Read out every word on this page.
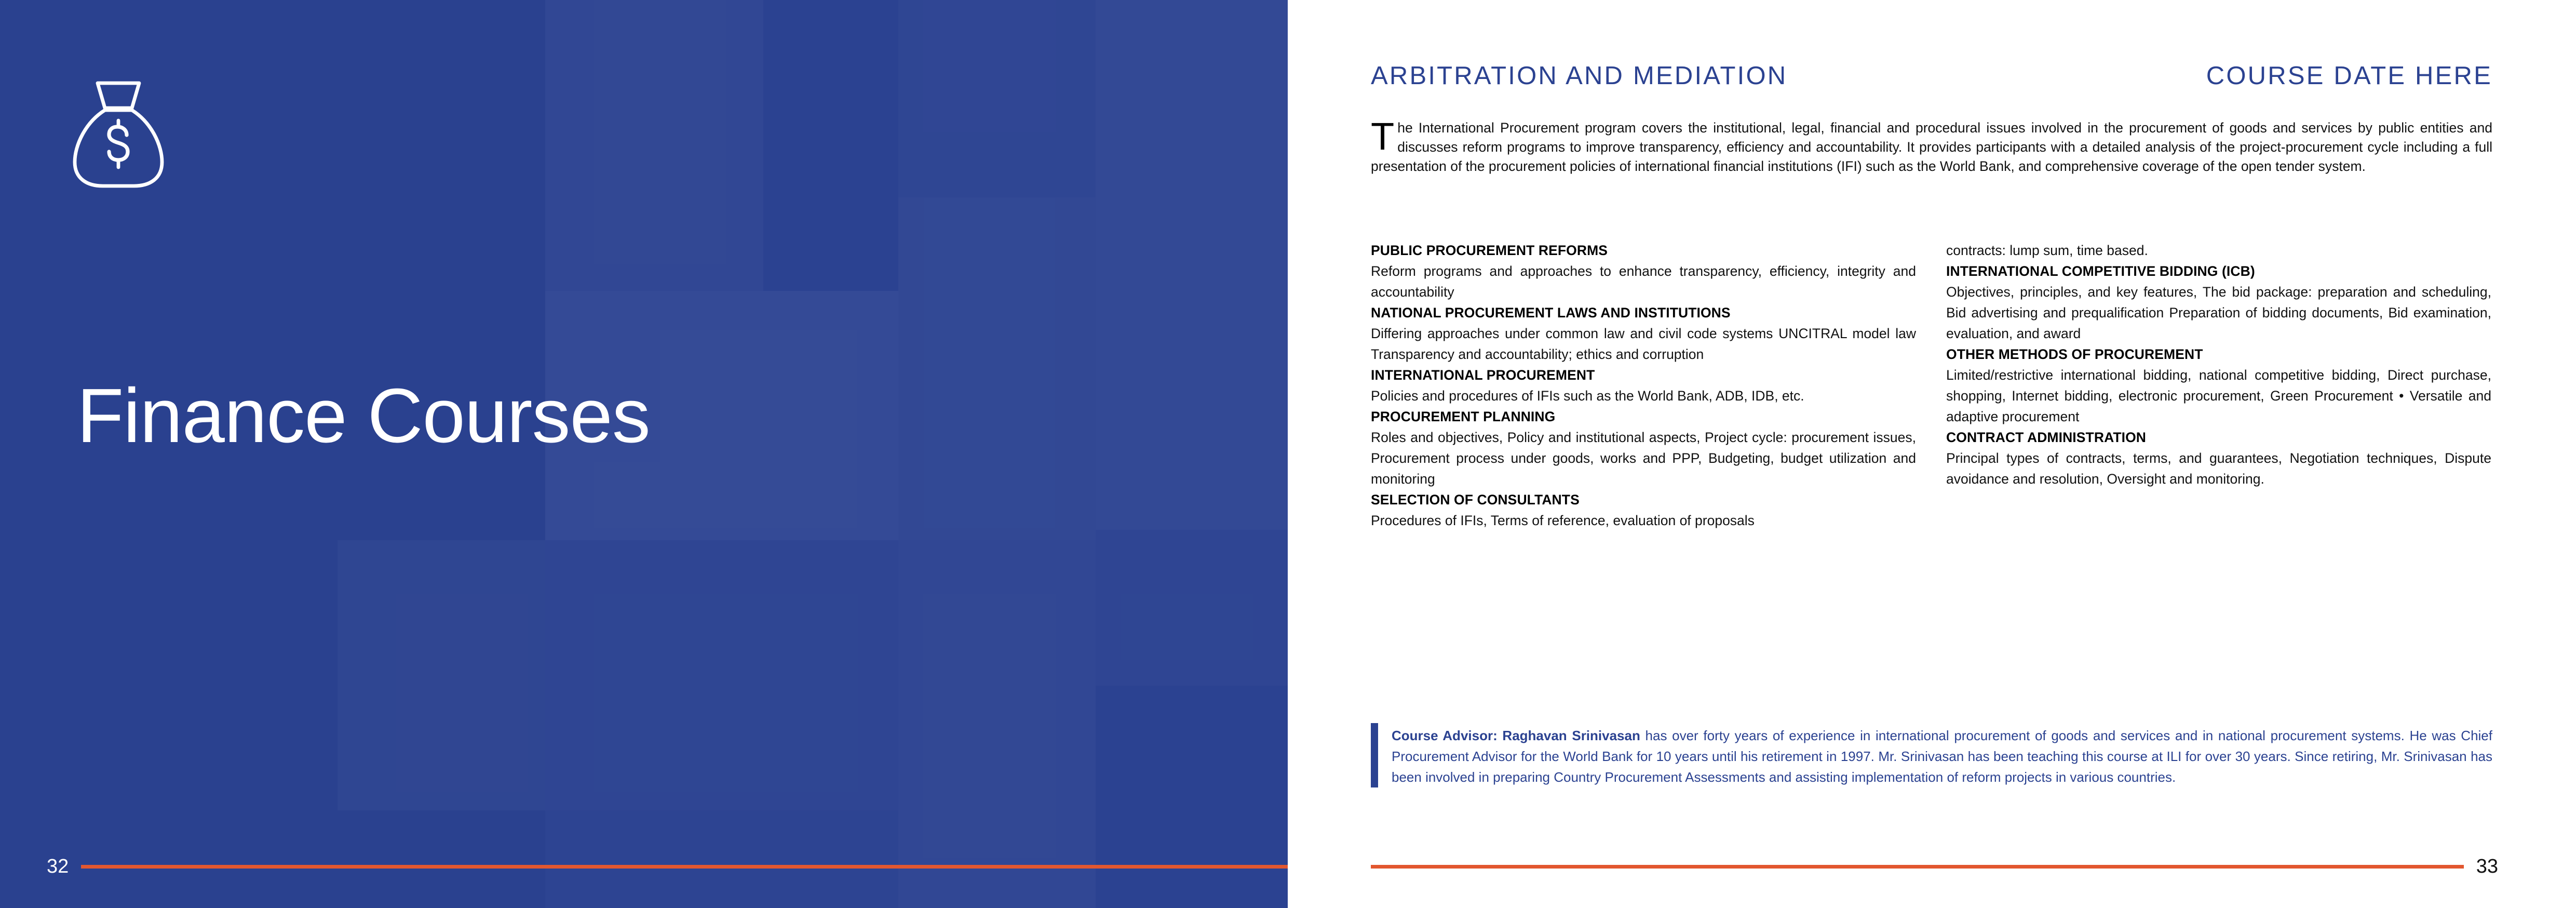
Finance Courses
32
ARBITRATION AND MEDIATION	COURSE DATE HERE
The International Procurement program covers the institutional, legal, financial and procedural issues involved in the procurement of goods and services by public entities and discusses reform programs to improve transparency, efficiency and accountability. It provides participants with a detailed analysis of the project-procurement cycle including a full presentation of the procurement policies of international financial institutions (IFI) such as the World Bank, and comprehensive coverage of the open tender system.
PUBLIC PROCUREMENT REFORMS
Reform programs and approaches to enhance transparency, efficiency, integrity and accountability
NATIONAL PROCUREMENT LAWS AND INSTITUTIONS
Differing approaches under common law and civil code systems UNCITRAL model law Transparency and accountability; ethics and corruption
INTERNATIONAL PROCUREMENT
Policies and procedures of IFIs such as the World Bank, ADB, IDB, etc.
PROCUREMENT PLANNING
Roles and objectives, Policy and institutional aspects, Project cycle: procurement issues, Procurement process under goods, works and PPP, Budgeting, budget utilization and monitoring
SELECTION OF CONSULTANTS
Procedures of IFIs, Terms of reference, evaluation of proposals
contracts: lump sum, time based.
INTERNATIONAL COMPETITIVE BIDDING (ICB)
Objectives, principles, and key features, The bid package: preparation and scheduling, Bid advertising and prequalification Preparation of bidding documents, Bid examination, evaluation, and award
OTHER METHODS OF PROCUREMENT
Limited/restrictive international bidding, national competitive bidding, Direct purchase, shopping, Internet bidding, electronic procurement, Green Procurement • Versatile and adaptive procurement
CONTRACT ADMINISTRATION
Principal types of contracts, terms, and guarantees, Negotiation techniques, Dispute avoidance and resolution, Oversight and monitoring.
Course Advisor: Raghavan Srinivasan has over forty years of experience in international procurement of goods and services and in national procurement systems. He was Chief Procurement Advisor for the World Bank for 10 years until his retirement in 1997. Mr. Srinivasan has been teaching this course at ILI for over 30 years. Since retiring, Mr. Srinivasan has been involved in preparing Country Procurement Assessments and assisting implementation of reform projects in various countries.
33
